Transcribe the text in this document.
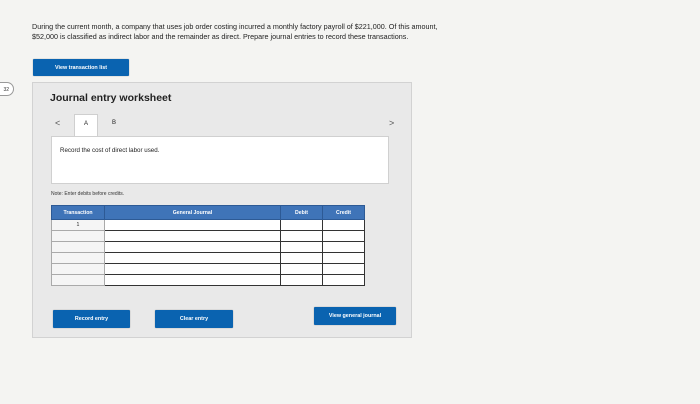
During the current month, a company that uses job order costing incurred a monthly factory payroll of $221,000. Of this amount,
$52,000 is classified as indirect labor and the remainder as direct. Prepare journal entries to record these transactions.
View transaction list
32
Journal entry worksheet
<	>
A	B
Record the cost of direct labor used.
Note: Enter debits before credits.
Transaction	General Journal	Debit	Credit
1			

Record entry	Clear entry	View general journal
